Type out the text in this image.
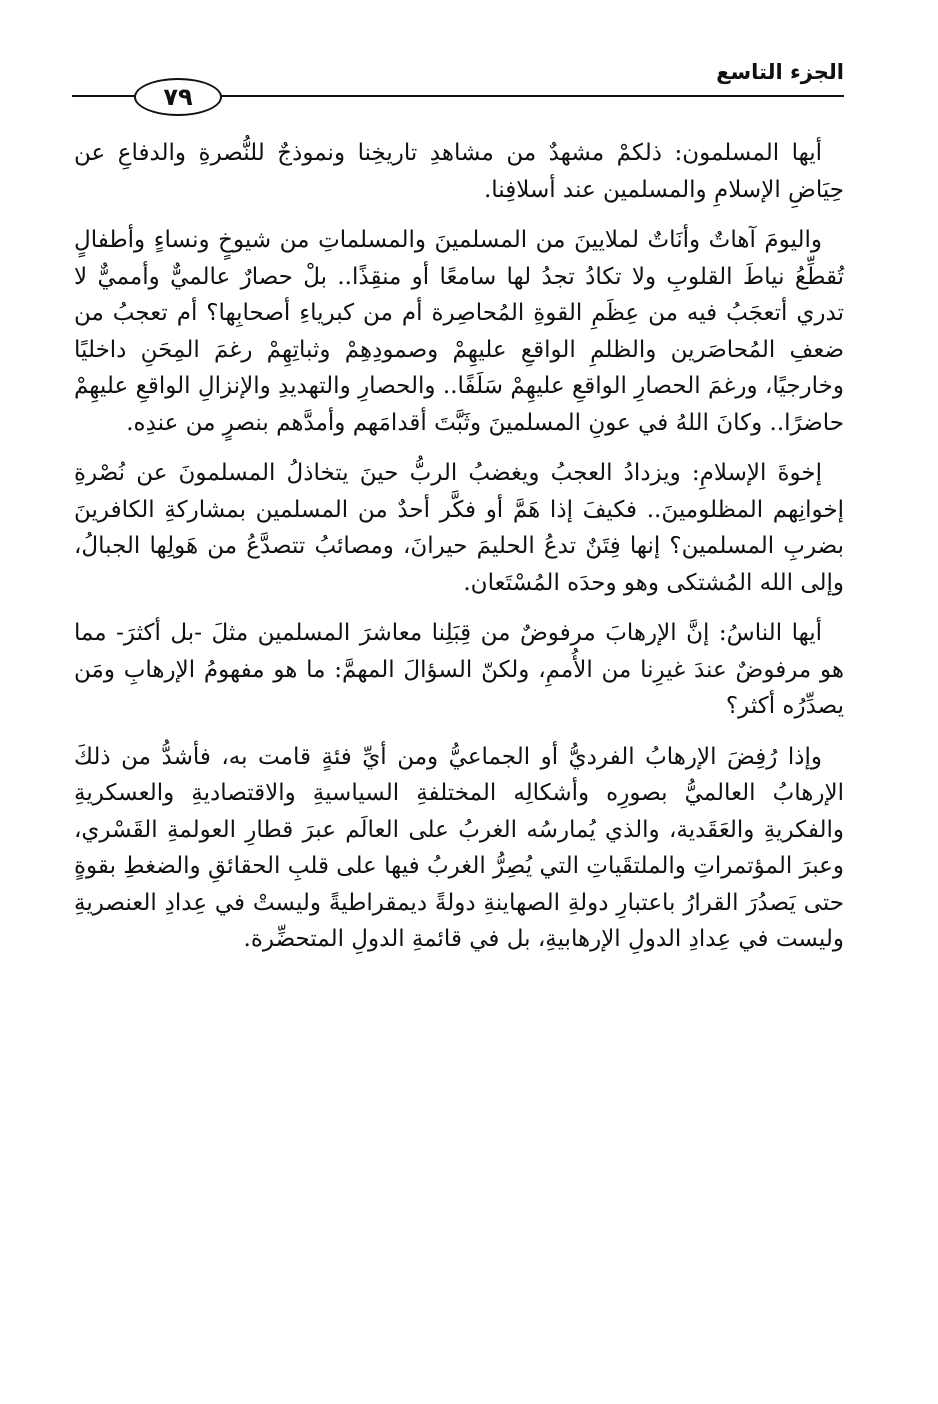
الجزء التاسع
٧٩

أيها المسلمون: ذلكمْ مشهدٌ من مشاهدِ تاريخِنا ونموذجٌ للنُّصرةِ والدفاعِ عن حِيَاضِ الإسلامِ والمسلمين عند أسلافِنا.

واليومَ آهاتٌ وأنَاتٌ لملايينَ من المسلمينَ والمسلماتِ من شيوخٍ ونساءٍ وأطفالٍ تُقطِّعُ نياطَ القلوبِ ولا تكادُ تجدُ لها سامعًا أو منقِذًا.. بلْ حصارٌ عالميٌّ وأمميٌّ لا تدري أتعجَبُ فيه من عِظَمِ القوةِ المُحاصِرة أم من كبرياءِ أصحابِها؟ أم تعجبُ من ضعفِ المُحاصَرين والظلمِ الواقعِ عليهِمْ وصمودِهِمْ وثباتِهِمْ رغمَ المِحَنِ داخليًا وخارجيًا، ورغمَ الحصارِ الواقعِ عليهِمْ سَلَفًا.. والحصارِ والتهديدِ والإنزالِ الواقعِ عليهِمْ حاضرًا.. وكانَ اللهُ في عونِ المسلمينَ وثَبَّتَ أقدامَهم وأمدَّهم بنصرٍ من عندِه.

إخوةَ الإسلامِ: ويزدادُ العجبُ ويغضبُ الربُّ حينَ يتخاذلُ المسلمونَ عن نُصْرةِ إخوانِهم المظلومينَ.. فكيفَ إذا هَمَّ أو فكَّر أحدٌ من المسلمين بمشاركةِ الكافرينَ بضربِ المسلمين؟ إنها فِتَنٌ تدعُ الحليمَ حيرانَ، ومصائبُ تتصدَّعُ من هَولِها الجبالُ، وإلى الله المُشتكى وهو وحدَه المُسْتَعان.

أيها الناسُ: إنَّ الإرهابَ مرفوضٌ من قِبَلِنا معاشرَ المسلمين مثلَ -بل أكثرَ- مما هو مرفوضٌ عندَ غيرِنا من الأُممِ، ولكنّ السؤالَ المهمَّ: ما هو مفهومُ الإرهابِ ومَن يصدِّرُه أكثر؟

وإذا رُفِضَ الإرهابُ الفرديُّ أو الجماعيُّ ومن أيِّ فئةٍ قامت به، فأشدُّ من ذلكَ الإرهابُ العالميُّ بصورِه وأشكالِه المختلفةِ السياسيةِ والاقتصاديةِ والعسكريةِ والفكريةِ والعَقَدية، والذي يُمارسُه الغربُ على العالَم عبرَ قطارِ العولمةِ القَسْري، وعبرَ المؤتمراتِ والملتقَياتِ التي يُصِرُّ الغربُ فيها على قلبِ الحقائقِ والضغطِ بقوةٍ حتى يَصدُرَ القرارُ باعتبارِ دولةِ الصهاينةِ دولةً ديمقراطيةً وليستْ في عِدادِ العنصريةِ وليست في عِدادِ الدولِ الإرهابيةِ، بل في قائمةِ الدولِ المتحضِّرة.
